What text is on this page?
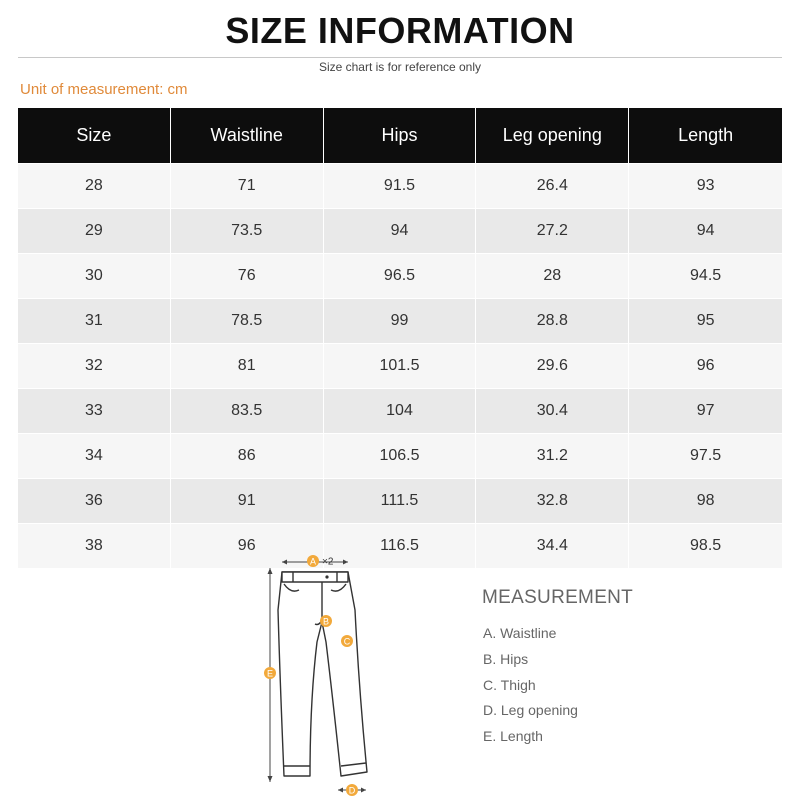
SIZE INFORMATION
Size chart is for reference only
Unit of measurement: cm
Size	Waistline	Hips	Leg opening	Length
28	71	91.5	26.4	93
29	73.5	94	27.2	94
30	76	96.5	28	94.5
31	78.5	99	28.8	95
32	81	101.5	29.6	96
33	83.5	104	30.4	97
34	86	106.5	31.2	97.5
36	91	111.5	32.8	98
38	96	116.5	34.4	98.5
A ×2
B
C
D
E
MEASUREMENT
A. Waistline
B. Hips
C. Thigh
D. Leg opening
E. Length
